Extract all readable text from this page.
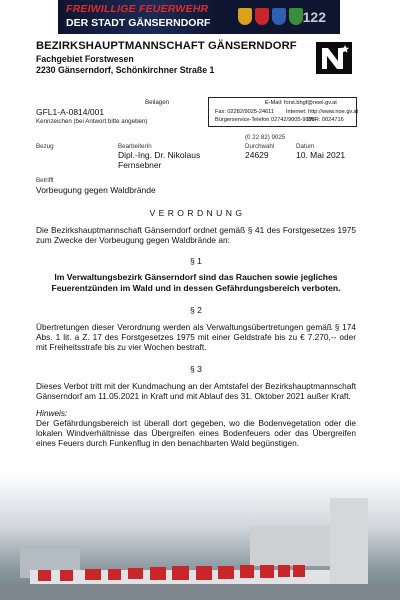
FREIWILLIGE FEUERWEHR
DER STADT GÄNSERNDORF	122
BEZIRKSHAUPTMANNSCHAFT GÄNSERNDORF
Fachgebiet Forstwesen
2230 Gänserndorf, Schönkirchner Straße 1
Beilagen
GFL1-A-0814/001
Kennzeichen (bei Antwort bitte angeben)
E-Mail: forst.bhgf@noel.gv.at
Fax: 02282/9025-24611 Internet: http://www.noe.gv.at
Bürgerservice-Telefon 02742/9005-9005
DVR: 0024716
Bezug	BearbeiterIn
(0 22 82) 9025
Durchwahl	Datum
Dipl.-Ing. Dr. Nikolaus
Fernsebner
24629	10. Mai 2021
Betrifft
Vorbeugung gegen Waldbrände
V E R O R D N U N G
Die Bezirkshauptmannschaft Gänserndorf ordnet gemäß § 41 des Forstgesetzes 1975 zum Zwecke der Vorbeugung gegen Waldbrände an:
§ 1
Im Verwaltungsbezirk Gänserndorf sind das Rauchen sowie jegliches Feuerentzünden im Wald und in dessen Gefährdungsbereich verboten.
§ 2
Übertretungen dieser Verordnung werden als Verwaltungsübertretungen gemäß § 174 Abs. 1 lit. a Z. 17 des Forstgesetzes 1975 mit einer Geldstrafe bis zu € 7.270,-- oder mit Freiheitsstrafe bis zu vier Wochen bestraft.
§ 3
Dieses Verbot tritt mit der Kundmachung an der Amtstafel der Bezirkshauptmannschaft Gänserndorf am 11.05.2021 in Kraft und mit Ablauf des 31. Oktober 2021 außer Kraft.
Hinweis:
Der Gefährdungsbereich ist überall dort gegeben, wo die Bodenvegetation oder die lokalen Windverhältnisse das Übergreifen eines Bodenfeuers oder das Übergreifen eines Feuers durch Funkenflug in den benachbarten Wald begünstigen.
